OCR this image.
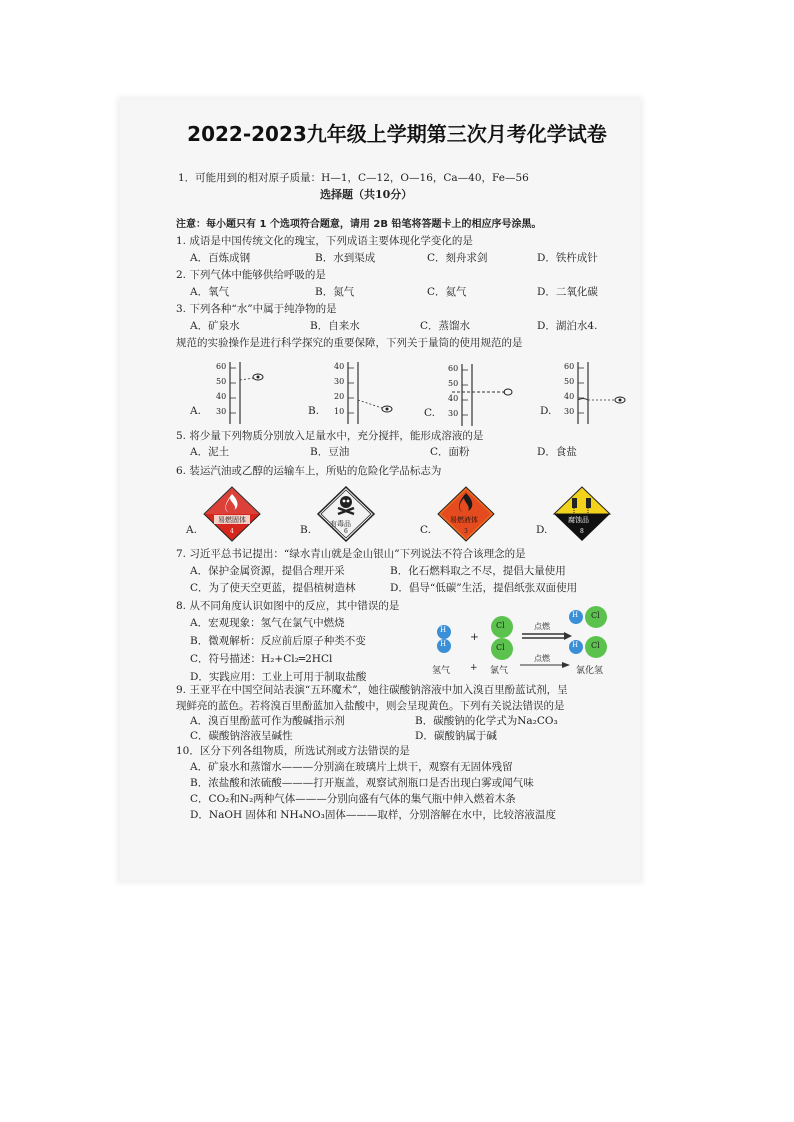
2022-2023九年级上学期第三次月考化学试卷
1．可能用到的相对原子质量：H—1，C—12，O—16，Ca—40，Fe—56
选择题（共10分）
注意：每小题只有 1 个选项符合题意，请用 2B 铅笔将答题卡上的相应序号涂黑。
1. 成语是中国传统文化的瑰宝，下列成语主要体现化学变化的是
A．百炼成钢	B．水到渠成	C．刻舟求剑	D．铁杵成针
2. 下列气体中能够供给呼吸的是
A．氧气	B．氮气	C．氦气	D．二氧化碳
3. 下列各种“水”中属于纯净物的是
A．矿泉水	B．自来水	C．蒸馏水	D．湖泊水4.
规范的实验操作是进行科学探究的重要保障，下列关于量筒的使用规范的是
A.
60
50
40
30	B.
40
30
20
10	C.
60
50
40
30	D.
60
50
40
30
5. 将少量下列物质分别放入足量水中，充分搅拌，能形成溶液的是
A．泥土	B．豆油	C．面粉	D．食盐
6. 装运汽油或乙醇的运输车上，所贴的危险化学品标志为
A.
易燃固体
4	B.	有毒品
6	C.
易燃液体
3	D.
腐蚀品
8
7. 习近平总书记提出：“绿水青山就是金山银山”下列说法不符合该理念的是
A．保护金属资源，提倡合理开采	B．化石燃料取之不尽，提倡大量使用
C．为了使天空更蓝，提倡植树造林	D．倡导“低碳”生活，提倡纸张双面使用
8. 从不同角度认识如图中的反应，其中错误的是
A．宏观现象：氢气在氯气中燃烧
B．微观解析：反应前后原子种类不变
C．符号描述：H₂+Cl₂═2HCl
D．实践应用：工业上可用于制取盐酸
H
H
Cl
Cl
+
点燃
点燃
H Cl
H Cl
氢气 + 氯气	氯化氢
9. 王亚平在中国空间站表演“五环魔术”，她往碳酸钠溶液中加入溴百里酚蓝试剂，呈
现鲜亮的蓝色。若将溴百里酚蓝加入盐酸中，则会呈现黄色。下列有关说法错误的是
A．溴百里酚蓝可作为酸碱指示剂	B．碳酸钠的化学式为Na₂CO₃
C．碳酸钠溶液呈碱性	D．碳酸钠属于碱
10．区分下列各组物质，所选试剂或方法错误的是
A．矿泉水和蒸馏水———分别滴在玻璃片上烘干，观察有无固体残留
B．浓盐酸和浓硫酸———打开瓶盖，观察试剂瓶口是否出现白雾或闻气味
C．CO₂和N₂两种气体———分别向盛有气体的集气瓶中伸入燃着木条
D．NaOH 固体和 NH₄NO₃固体———取样，分别溶解在水中，比较溶液温度
